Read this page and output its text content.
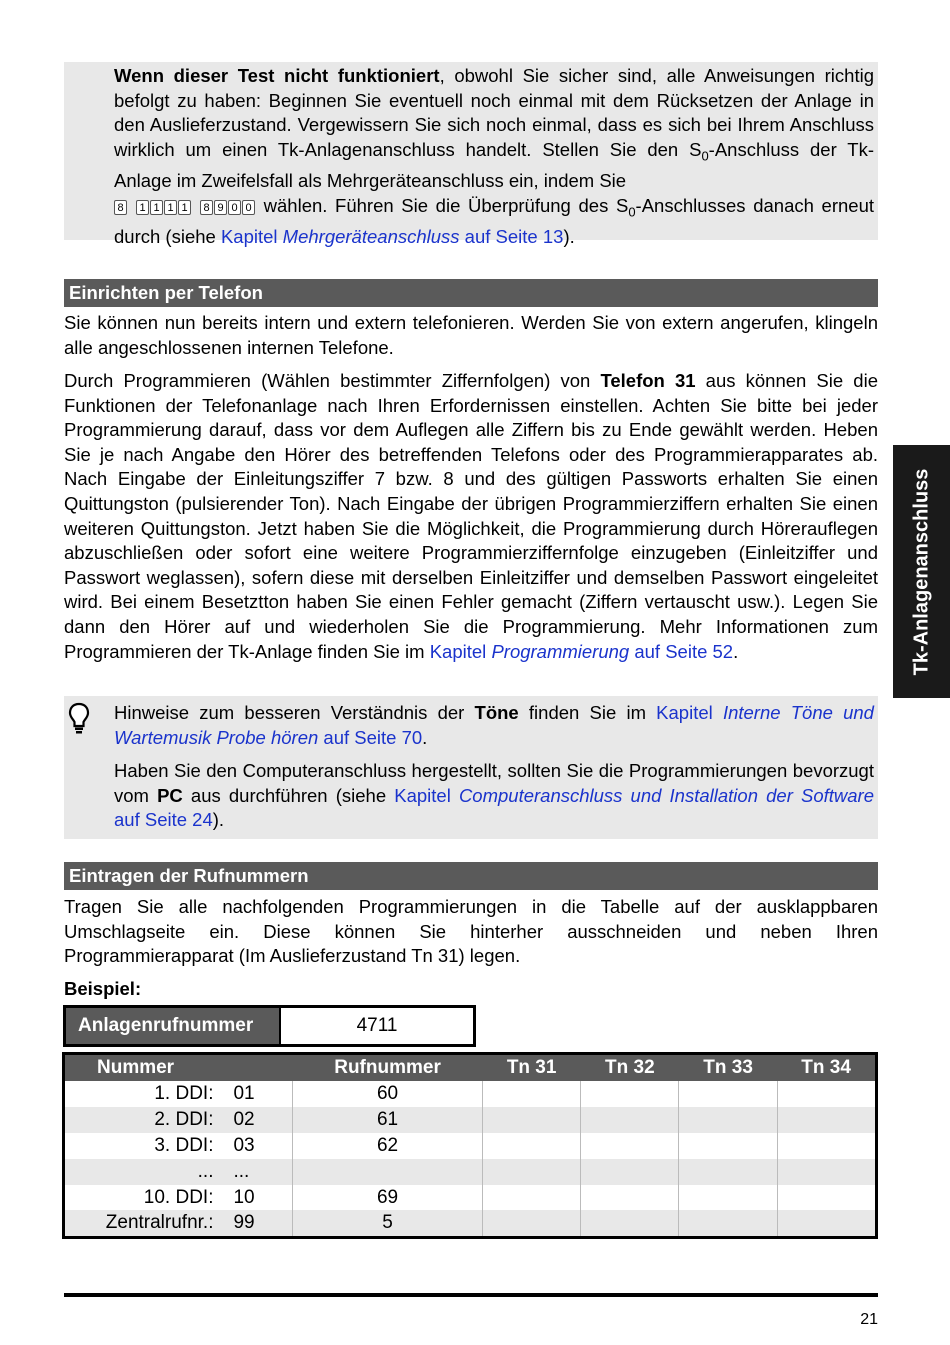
Wenn dieser Test nicht funktioniert, obwohl Sie sicher sind, alle Anweisungen richtig befolgt zu haben: Beginnen Sie eventuell noch einmal mit dem Rücksetzen der Anlage in den Auslieferzustand. Vergewissern Sie sich noch einmal, dass es sich bei Ihrem Anschluss wirklich um einen Tk-Anlagenanschluss handelt. Stellen Sie den $S_0$-Anschluss der Tk-Anlage im Zweifelsfall als Mehrgeräteanschluss ein, indem Sie
8 1 1 1 1 8 9 0 0 wählen. Führen Sie die Überprüfung des $S_0$-Anschlusses danach erneut durch (siehe Kapitel Mehrgeräteanschluss auf Seite 13).

Einrichten per Telefon

Sie können nun bereits intern und extern telefonieren. Werden Sie von extern angerufen, klingeln alle angeschlossenen internen Telefone.

Durch Programmieren (Wählen bestimmter Ziffernfolgen) von Telefon 31 aus können Sie die Funktionen der Telefonanlage nach Ihren Erfordernissen einstellen. Achten Sie bitte bei jeder Programmierung darauf, dass vor dem Auflegen alle Ziffern bis zu Ende gewählt werden. Heben Sie je nach Angabe den Hörer des betreffenden Telefons oder des Programmierapparates ab. Nach Eingabe der Einleitungsziffer 7 bzw. 8 und des gültigen Passworts erhalten Sie einen Quittungston (pulsierender Ton). Nach Eingabe der übrigen Programmierziffern erhalten Sie einen weiteren Quittungston. Jetzt haben Sie die Möglichkeit, die Programmierung durch Hörerauflegen abzuschließen oder sofort eine weitere Programmierziffernfolge einzugeben (Einleitziffer und Passwort weglassen), sofern diese mit derselben Einleitziffer und demselben Passwort eingeleitet wird. Bei einem Besetztton haben Sie einen Fehler gemacht (Ziffern vertauscht usw.). Legen Sie dann den Hörer auf und wiederholen Sie die Programmierung. Mehr Informationen zum Programmieren der Tk-Anlage finden Sie im Kapitel Programmierung auf Seite 52.	Tk-Anlagenanschluss

Hinweise zum besseren Verständnis der Töne finden Sie im Kapitel Interne Töne und Wartemusik Probe hören auf Seite 70.

Haben Sie den Computeranschluss hergestellt, sollten Sie die Programmierungen bevorzugt vom PC aus durchführen (siehe Kapitel Computeranschluss und Installation der Software auf Seite 24).

Eintragen der Rufnummern

Tragen Sie alle nachfolgenden Programmierungen in die Tabelle auf der ausklappbaren Umschlagseite ein. Diese können Sie hinterher ausschneiden und neben Ihren Programmierapparat (Im Auslieferzustand Tn 31) legen.

Beispiel:

Anlagenrufnummer	4711
Nummer		Rufnummer	Tn 31	Tn 32	Tn 33	Tn 34
1. DDI:	01	60				
2. DDI:	02	61				
3. DDI:	03	62				
...	...					
10. DDI:	10	69				
Zentralrufnr.:	99	5				
21
